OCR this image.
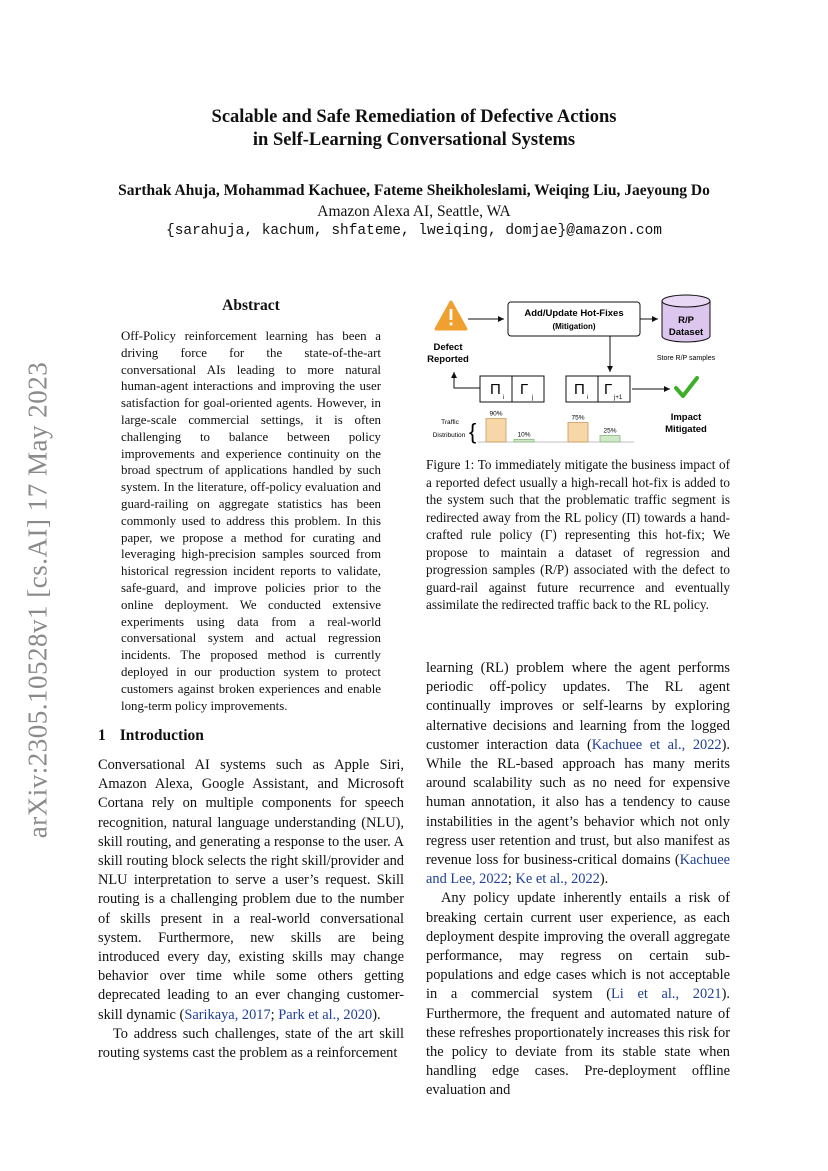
arXiv:2305.10528v1 [cs.AI] 17 May 2023
Scalable and Safe Remediation of Defective Actions
in Self-Learning Conversational Systems
Sarthak Ahuja, Mohammad Kachuee, Fateme Sheikholeslami, Weiqing Liu, Jaeyoung Do
Amazon Alexa AI, Seattle, WA
{sarahuja, kachum, shfateme, lweiqing, domjae}@amazon.com
Abstract

Off-Policy reinforcement learning has been a driving force for the state-of-the-art conversational AIs leading to more natural human-agent interactions and improving the user satisfaction for goal-oriented agents. However, in large-scale commercial settings, it is often challenging to balance between policy improvements and experience continuity on the broad spectrum of applications handled by such system. In the literature, off-policy evaluation and guard-railing on aggregate statistics has been commonly used to address this problem. In this paper, we propose a method for curating and leveraging high-precision samples sourced from historical regression incident reports to validate, safe-guard, and improve policies prior to the online deployment. We conducted extensive experiments using data from a real-world conversational system and actual regression incidents. The proposed method is currently deployed in our production system to protect customers against broken experiences and enable long-term policy improvements.

1 Introduction

Conversational AI systems such as Apple Siri, Amazon Alexa, Google Assistant, and Microsoft Cortana rely on multiple components for speech recognition, natural language understanding (NLU), skill routing, and generating a response to the user. A skill routing block selects the right skill/provider and NLU interpretation to serve a user’s request. Skill routing is a challenging problem due to the number of skills present in a real-world conversational system. Furthermore, new skills are being introduced every day, existing skills may change behavior over time while some others getting deprecated leading to an ever changing customer-skill dynamic (Sarikaya, 2017; Park et al., 2020).

To address such challenges, state of the art skill routing systems cast the problem as a reinforcement

Defect
Reported
Add/Update Hot-Fixes
(Mitigation)
R/P
Dataset
Store R/P samples
Π i Γ j	Π i Γ j+1
Impact
Mitigated
Traffic
Distribution {
90%
10%
75%
25%

Figure 1: To immediately mitigate the business impact of a reported defect usually a high-recall hot-fix is added to the system such that the problematic traffic segment is redirected away from the RL policy (Π) towards a hand-crafted rule policy (Γ) representing this hot-fix; We propose to maintain a dataset of regression and progression samples (R/P) associated with the defect to guard-rail against future recurrence and eventually assimilate the redirected traffic back to the RL policy.

learning (RL) problem where the agent performs periodic off-policy updates. The RL agent continually improves or self-learns by exploring alternative decisions and learning from the logged customer interaction data (Kachuee et al., 2022). While the RL-based approach has many merits around scalability such as no need for expensive human annotation, it also has a tendency to cause instabilities in the agent’s behavior which not only regress user retention and trust, but also manifest as revenue loss for business-critical domains (Kachuee and Lee, 2022; Ke et al., 2022).

Any policy update inherently entails a risk of breaking certain current user experience, as each deployment despite improving the overall aggregate performance, may regress on certain sub-populations and edge cases which is not acceptable in a commercial system (Li et al., 2021). Furthermore, the frequent and automated nature of these refreshes proportionately increases this risk for the policy to deviate from its stable state when handling edge cases. Pre-deployment offline evaluation and
